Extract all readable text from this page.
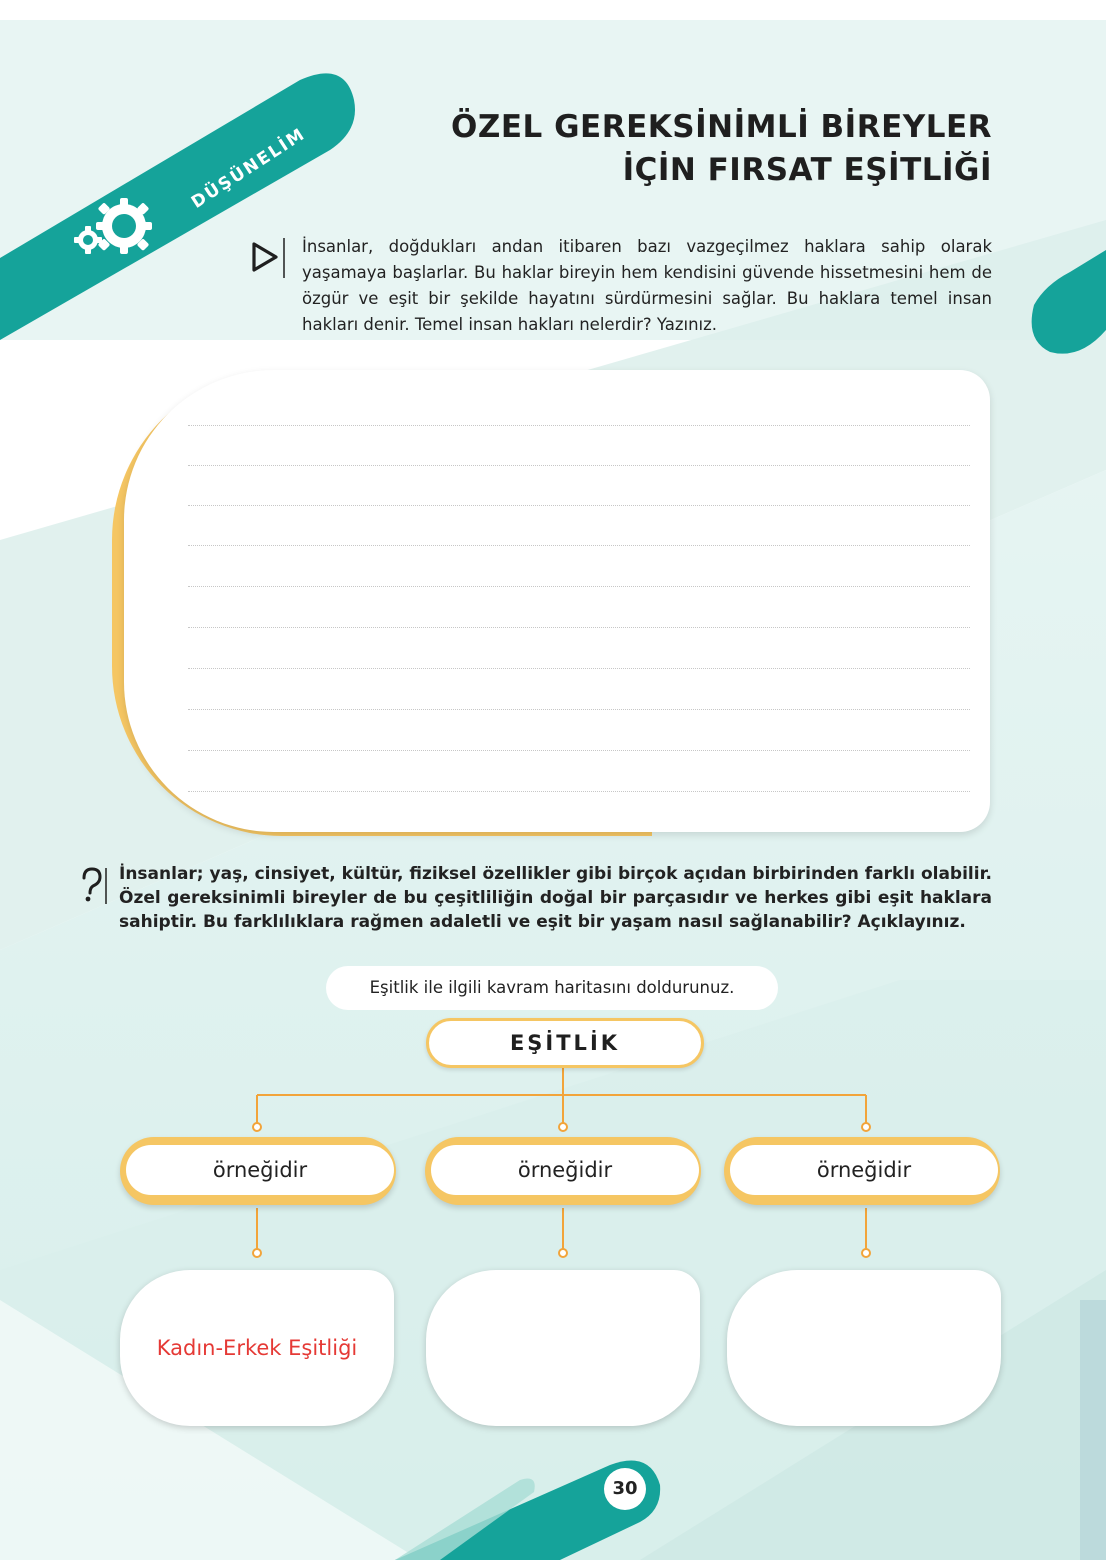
DÜŞÜNELİM	ÖZEL GEREKSİNİMLİ BİREYLER
İÇİN FIRSAT EŞİTLİĞİ
İnsanlar, doğdukları andan itibaren bazı vazgeçilmez haklara sahip olarak yaşamaya başlarlar. Bu haklar bireyin hem kendisini güvende hissetmesini hem de özgür ve eşit bir şekilde hayatını sürdürmesini sağlar. Bu haklara temel insan hakları denir. Temel insan hakları nelerdir? Yazınız.
İnsanlar; yaş, cinsiyet, kültür, fiziksel özellikler gibi birçok açıdan birbirinden farklı olabilir. Özel gereksinimli bireyler de bu çeşitliliğin doğal bir parçasıdır ve herkes gibi eşit haklara sahiptir. Bu farklılıklara rağmen adaletli ve eşit bir yaşam nasıl sağlanabilir? Açıklayınız.
Eşitlik ile ilgili kavram haritasını doldurunuz.
EŞİTLİK
örneğidir	örneğidir	örneğidir
Kadın-Erkek Eşitliği
30
